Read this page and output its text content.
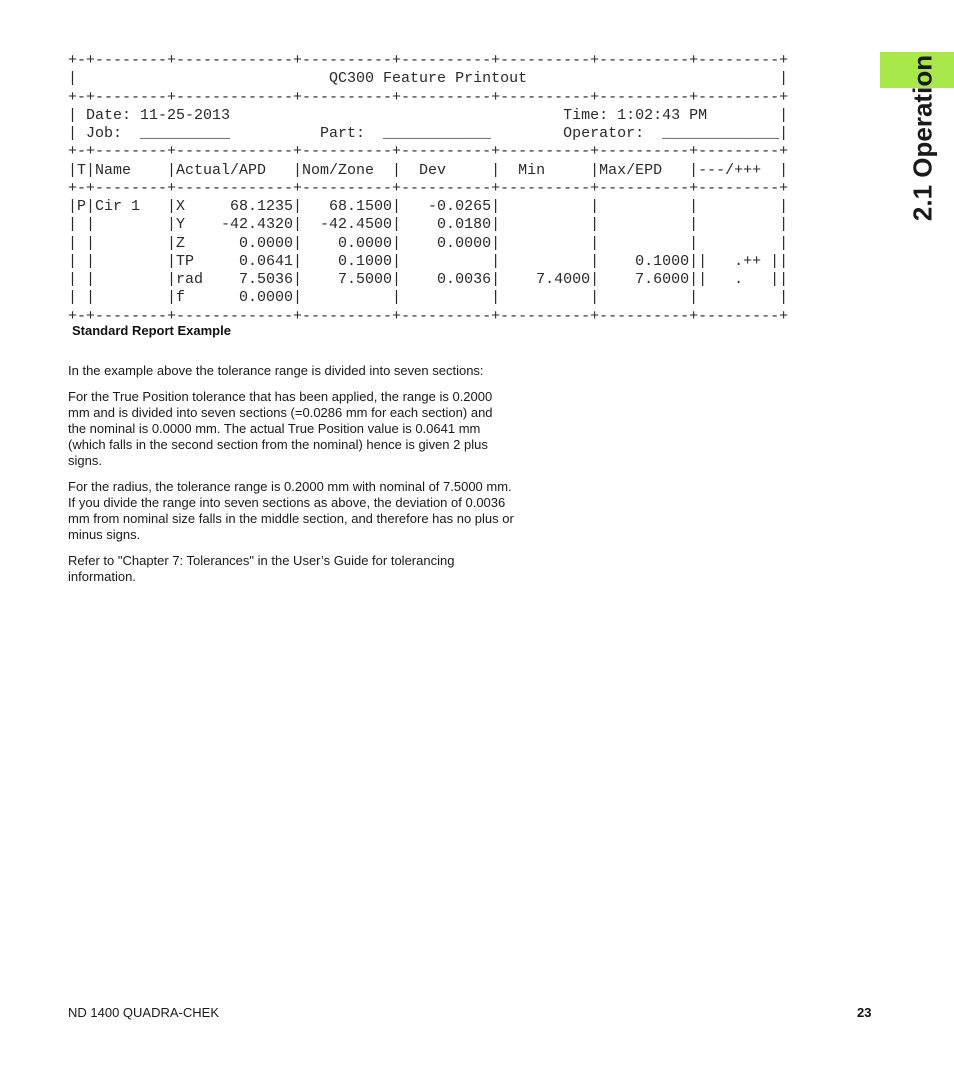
2.1 Operation
+-+--------+-------------+----------+----------+----------+----------+---------+
|                            QC300 Feature Printout                            |
+-+--------+-------------+----------+----------+----------+----------+---------+
| Date: 11-25-2013                                     Time: 1:02:43 PM        |
| Job:  __________          Part:  ____________        Operator:  _____________|
+-+--------+-------------+----------+----------+----------+----------+---------+
|T|Name    |Actual/APD   |Nom/Zone  |  Dev     |  Min     |Max/EPD   |---/+++  |
+-+--------+-------------+----------+----------+----------+----------+---------+
|P|Cir 1   |X     68.1235|   68.1500|   -0.0265|          |          |         |
| |        |Y    -42.4320|  -42.4500|    0.0180|          |          |         |
| |        |Z      0.0000|    0.0000|    0.0000|          |          |         |
| |        |TP     0.0641|    0.1000|          |          |    0.1000||   .++ ||
| |        |rad    7.5036|    7.5000|    0.0036|    7.4000|    7.6000||   .   ||
| |        |f      0.0000|          |          |          |          |         |
+-+--------+-------------+----------+----------+----------+----------+---------+
Standard Report Example

In the example above the tolerance range is divided into seven sections:

For the True Position tolerance that has been applied, the range is 0.2000 mm and is divided into seven sections (=0.0286 mm for each section) and the nominal is 0.0000 mm. The actual True Position value is 0.0641 mm (which falls in the second section from the nominal) hence is given 2 plus signs.

For the radius, the tolerance range is 0.2000 mm with nominal of 7.5000 mm. If you divide the range into seven sections as above, the deviation of 0.0036 mm from nominal size falls in the middle section, and therefore has no plus or minus signs.

Refer to "Chapter 7: Tolerances" in the User’s Guide for tolerancing information.

ND 1400 QUADRA-CHEK	23
